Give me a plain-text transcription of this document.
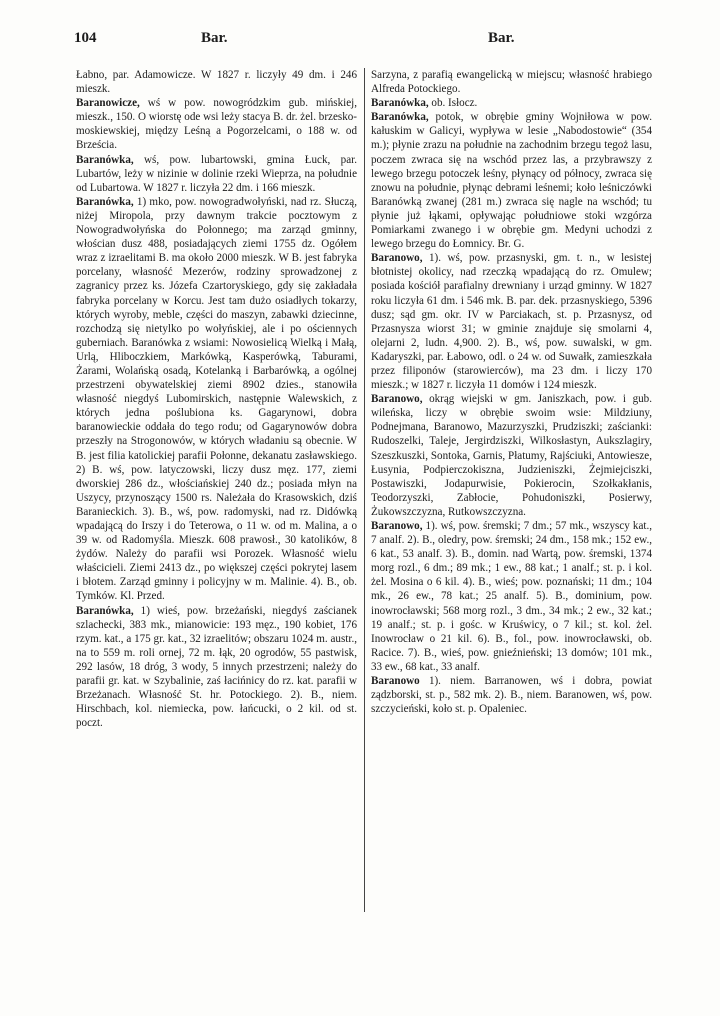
104	Bar.	Bar.

Łabno, par. Adamowicze. W 1827 r. liczyły 49 dm. i 246 mieszk.

Baranowicze, wś w pow. nowogródzkim gub. mińskiej, mieszk., 150. O wiorstę ode wsi leży stacya B. dr. żel. brzesko-moskiewskiej, między Leśną a Pogorzelcami, o 188 w. od Brześcia.

Baranówka, wś, pow. lubartowski, gmina Łuck, par. Lubartów, leży w nizinie w dolinie rzeki Wieprza, na południe od Lubartowa. W 1827 r. liczyła 22 dm. i 166 mieszk.

Baranówka, 1) mko, pow. nowogradwołyński, nad rz. Słuczą, niżej Miropola, przy dawnym trakcie pocztowym z Nowogradwołyńska do Połonnego; ma zarząd gminny, włościan dusz 488, posiadających ziemi 1755 dz. Ogółem wraz z izraelitami B. ma około 2000 mieszk. W B. jest fabryka porcelany, własność Mezerów, rodziny sprowadzonej z zagranicy przez ks. Józefa Czartoryskiego, gdy się zakładała fabryka porcelany w Korcu. Jest tam dużo osiadłych tokarzy, których wyroby, meble, części do maszyn, zabawki dziecinne, rozchodzą się nietylko po wołyńskiej, ale i po ościennych guberniach. Baranówka z wsiami: Nowosielicą Wielką i Małą, Urlą, Hliboczkiem, Markówką, Kasperówką, Taburami, Żarami, Wolańską osadą, Kotelanką i Barbarówką, a ogólnej przestrzeni obywatelskiej ziemi 8902 dzies., stanowiła własność niegdyś Lubomirskich, następnie Walewskich, z których jedna poślubiona ks. Gagarynowi, dobra baranowieckie oddała do tego rodu; od Gagarynowów dobra przeszły na Strogonowów, w których władaniu są obecnie. W B. jest filia katolickiej parafii Połonne, dekanatu zasławskiego. 2) B. wś, pow. latyczowski, liczy dusz męz. 177, ziemi dworskiej 286 dz., włościańskiej 240 dz.; posiada młyn na Uszycy, przynoszący 1500 rs. Należała do Krasowskich, dziś Baranieckich. 3). B., wś, pow. radomyski, nad rz. Didówką wpadającą do Irszy i do Teterowa, o 11 w. od m. Malina, a o 39 w. od Radomyśla. Mieszk. 608 prawosł., 30 katolików, 8 żydów. Należy do parafii wsi Porozek. Własność wielu właścicieli. Ziemi 2413 dz., po większej części pokrytej lasem i błotem. Zarząd gminny i policyjny w m. Malinie. 4). B., ob. Tymków. Kl. Przed.

Baranówka, 1) wieś, pow. brzeżański, niegdyś zaścianek szlachecki, 383 mk., mianowicie: 193 męz., 190 kobiet, 176 rzym. kat., a 175 gr. kat., 32 izraelitów; obszaru 1024 m. austr., na to 559 m. roli ornej, 72 m. łąk, 20 ogrodów, 55 pastwisk, 292 lasów, 18 dróg, 3 wody, 5 innych przestrzeni; należy do parafii gr. kat. w Szybalinie, zaś łacińnicy do rz. kat. parafii w Brzeżanach. Własność St. hr. Potockiego. 2). B., niem. Hirschbach, kol. niemiecka, pow. łańcucki, o 2 kil. od st. poczt.

Sarzyna, z parafią ewangelicką w miejscu; własność hrabiego Alfreda Potockiego.

Baranówka, ob. Isłocz.

Baranówka, potok, w obrębie gminy Wojniłowa w pow. kałuskim w Galicyi, wypływa w lesie „Nabodostowie“ (354 m.); płynie zrazu na południe na zachodnim brzegu tegoż lasu, poczem zwraca się na wschód przez las, a przybrawszy z lewego brzegu potoczek leśny, płynący od północy, zwraca się znowu na południe, płynąc debrami leśnemi; koło leśniczówki Baranówką zwanej (281 m.) zwraca się nagle na wschód; tu płynie już łąkami, opływając południowe stoki wzgórza Pomiarkami zwanego i w obrębie gm. Medyni uchodzi z lewego brzegu do Łomnicy. Br. G.

Baranowo, 1). wś, pow. przasnyski, gm. t. n., w lesistej błotnistej okolicy, nad rzeczką wpadającą do rz. Omulew; posiada kościół parafialny drewniany i urząd gminny. W 1827 roku liczyła 61 dm. i 546 mk. B. par. dek. przasnyskiego, 5396 dusz; sąd gm. okr. IV w Parciakach, st. p. Przasnysz, od Przasnysza wiorst 31; w gminie znajduje się smolarni 4, olejarni 2, ludn. 4,900. 2). B., wś, pow. suwalski, w gm. Kadaryszki, par. Łabowo, odl. o 24 w. od Suwałk, zamieszkała przez filiponów (starowierców), ma 23 dm. i liczy 170 mieszk.; w 1827 r. liczyła 11 domów i 124 mieszk.

Baranowo, okrąg wiejski w gm. Janiszkach, pow. i gub. wileńska, liczy w obrębie swoim wsie: Mildziuny, Podnejmana, Baranowo, Mazurzyszki, Prudziszki; zaścianki: Rudoszelki, Taleje, Jergirdziszki, Wilkosłastyn, Aukszlagiry, Szeszkuszki, Sontoka, Garnis, Płatumy, Rajściuki, Antowiesze, Łusynia, Podpierczokiszna, Judzieniszki, Żejmiejciszki, Postawiszki, Jodapurwisie, Pokierocin, Szołkakłanis, Teodorzyszki, Zabłocie, Pohudoniszki, Posierwy, Żukowszczyzna, Rutkowszczyzna.

Baranowo, 1). wś, pow. śremski; 7 dm.; 57 mk., wszyscy kat., 7 analf. 2). B., oledry, pow. śremski; 24 dm., 158 mk.; 152 ew., 6 kat., 53 analf. 3). B., domin. nad Wartą, pow. śremski, 1374 morg rozl., 6 dm.; 89 mk.; 1 ew., 88 kat.; 1 analf.; st. p. i kol. żel. Mosina o 6 kil. 4). B., wieś; pow. poznański; 11 dm.; 104 mk., 26 ew., 78 kat.; 25 analf. 5). B., dominium, pow. inowrocławski; 568 morg rozl., 3 dm., 34 mk.; 2 ew., 32 kat.; 19 analf.; st. p. i gośc. w Kruświcy, o 7 kil.; st. kol. żel. Inowrocław o 21 kil. 6). B., fol., pow. inowrocławski, ob. Racice. 7). B., wieś, pow. gnieźnieński; 13 domów; 101 mk., 33 ew., 68 kat., 33 analf.

Baranowo 1). niem. Barranowen, wś i dobra, powiat ządzborski, st. p., 582 mk. 2). B., niem. Baranowen, wś, pow. szczycieński, koło st. p. Opaleniec.
